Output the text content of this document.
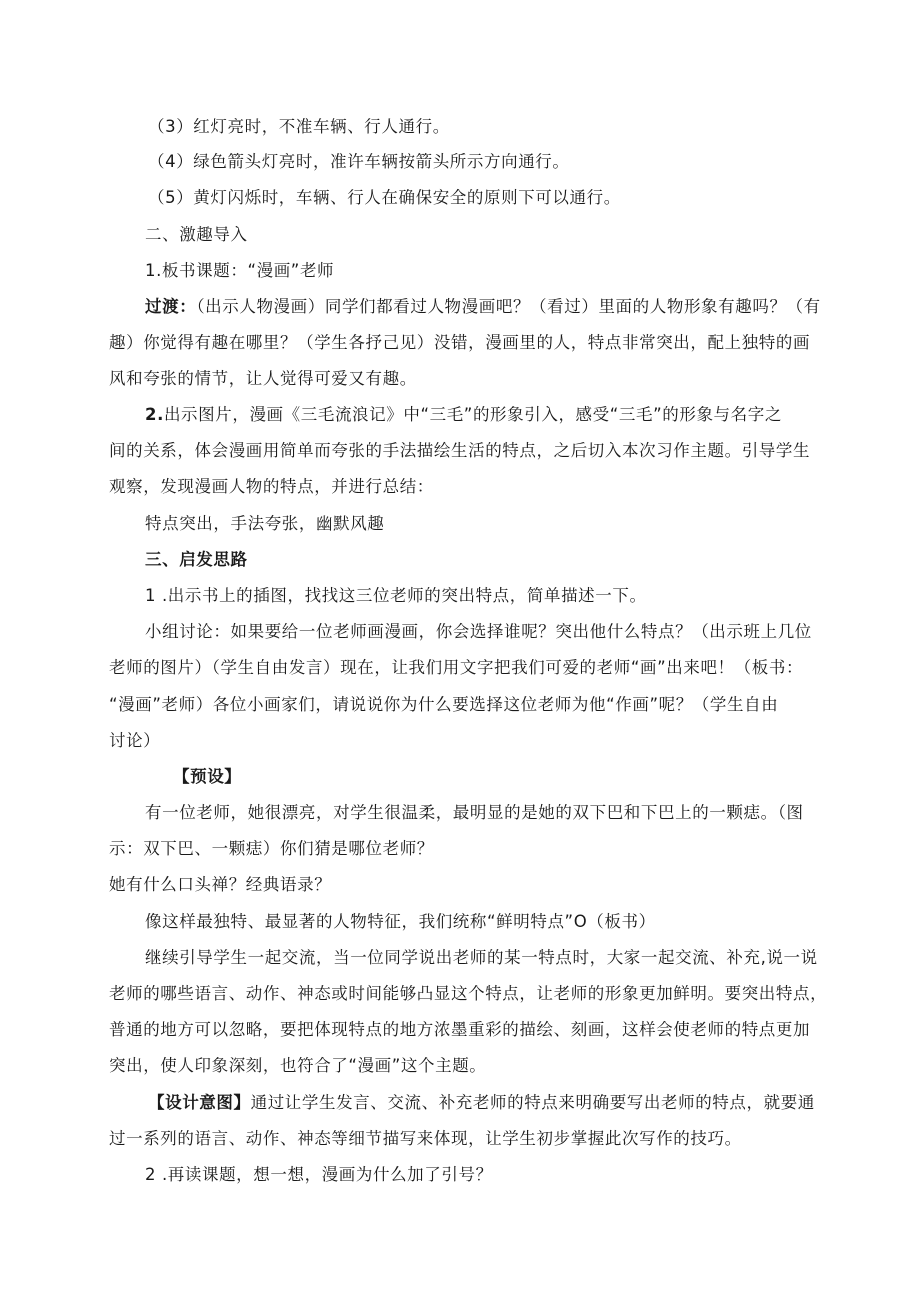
（3）红灯亮时，不准车辆、行人通行。
（4）绿色箭头灯亮时，准许车辆按箭头所示方向通行。
（5）黄灯闪烁时，车辆、行人在确保安全的原则下可以通行。
二、激趣导入
1.板书课题：“漫画”老师
过渡：（出示人物漫画）同学们都看过人物漫画吧？（看过）里面的人物形象有趣吗？（有
趣）你觉得有趣在哪里？（学生各抒己见）没错，漫画里的人，特点非常突出，配上独特的画
风和夸张的情节，让人觉得可爱又有趣。
2.出示图片，漫画《三毛流浪记》中“三毛”的形象引入，感受“三毛”的形象与名字之
间的关系，体会漫画用简单而夸张的手法描绘生活的特点，之后切入本次习作主题。引导学生
观察，发现漫画人物的特点，并进行总结：
特点突出，手法夸张，幽默风趣
三、启发思路
1 .出示书上的插图，找找这三位老师的突出特点，简单描述一下。
小组讨论：如果要给一位老师画漫画，你会选择谁呢？突出他什么特点？（出示班上几位
老师的图片）（学生自由发言）现在，让我们用文字把我们可爱的老师“画”出来吧！（板书：
“漫画”老师）各位小画家们，请说说你为什么要选择这位老师为他“作画”呢？（学生自由
讨论）
【预设】
有一位老师，她很漂亮，对学生很温柔，最明显的是她的双下巴和下巴上的一颗痣。（图
示：双下巴、一颗痣）你们猜是哪位老师？
她有什么口头禅？经典语录？
像这样最独特、最显著的人物特征，我们统称“鲜明特点”O（板书）
继续引导学生一起交流，当一位同学说出老师的某一特点时，大家一起交流、补充,说一说
老师的哪些语言、动作、神态或时间能够凸显这个特点，让老师的形象更加鲜明。要突出特点，
普通的地方可以忽略，要把体现特点的地方浓墨重彩的描绘、刻画，这样会使老师的特点更加
突出，使人印象深刻，也符合了“漫画”这个主题。
【设计意图】通过让学生发言、交流、补充老师的特点来明确要写出老师的特点，就要通
过一系列的语言、动作、神态等细节描写来体现，让学生初步掌握此次写作的技巧。
2 .再读课题，想一想，漫画为什么加了引号？
